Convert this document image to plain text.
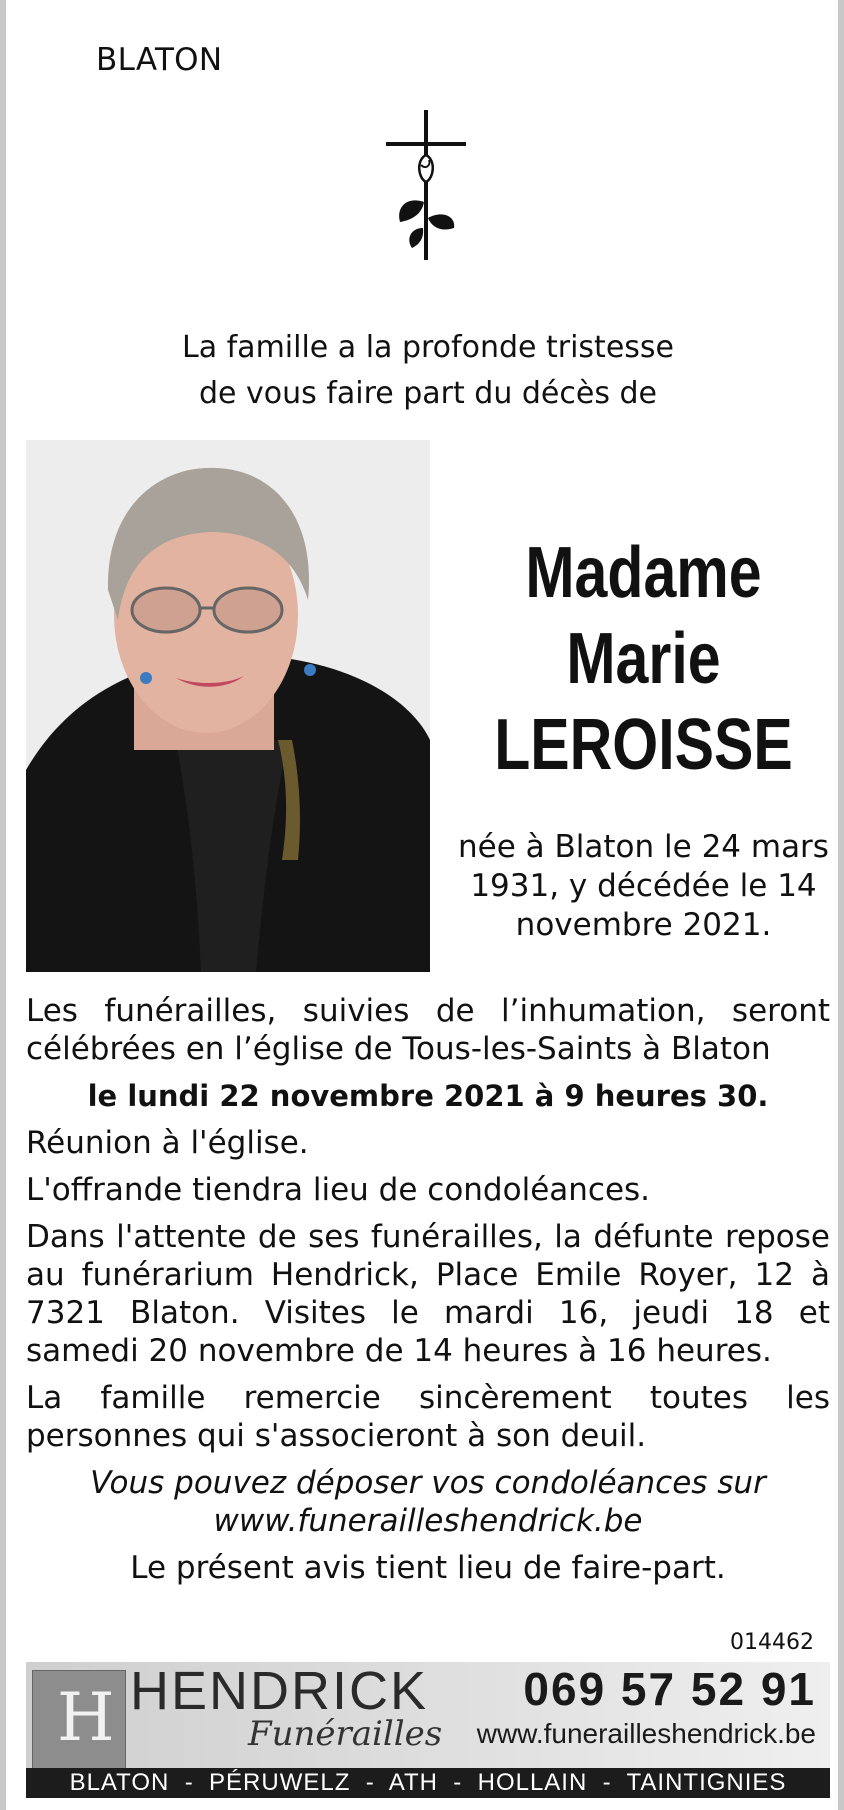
BLATON
La famille a la profonde tristesse
de vous faire part du décès de
Madame
Marie
LEROISSE
née à Blaton le 24 mars 1931, y décédée le 14 novembre 2021.

Les funérailles, suivies de l’inhumation, seront célébrées en l’église de Tous-les-Saints à Blaton

le lundi 22 novembre 2021 à 9 heures 30.

Réunion à l'église.

L'offrande tiendra lieu de condoléances.

Dans l'attente de ses funérailles, la défunte repose au funérarium Hendrick, Place Emile Royer, 12 à 7321 Blaton. Visites le mardi 16, jeudi 18 et samedi 20 novembre de 14 heures à 16 heures.

La famille remercie sincèrement toutes les personnes qui s'associeront à son deuil.

Vous pouvez déposer vos condoléances sur

www.funerailleshendrick.be

Le présent avis tient lieu de faire-part.

014462
H HENDRICK
Funérailles
069 57 52 91
www.funerailleshendrick.be
BLATON  -  PÉRUWELZ  -  ATH  -  HOLLAIN  -  TAINTIGNIES
